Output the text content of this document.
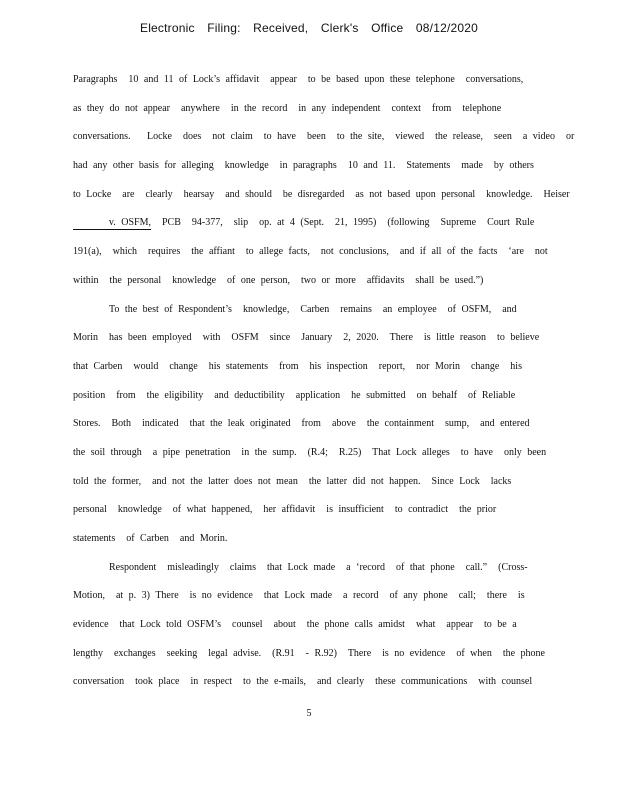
Electronic Filing: Received, Clerk's Office 08/12/2020
Paragraphs  10 and 11 of Lock’s affidavit  appear  to be based upon these telephone  conversations,
as they do not appear  anywhere  in the record  in any independent  context  from  telephone
conversations.   Locke  does  not claim  to have  been  to the site,  viewed  the release,  seen  a video  or
had any other basis for alleging  knowledge  in paragraphs  10 and 11.  Statements  made  by others
to Locke  are  clearly  hearsay  and should  be disregarded  as not based upon personal  knowledge.  Heiser
v. OSFM, PCB  94-377,  slip  op. at 4 (Sept.  21, 1995)  (following  Supreme  Court Rule
191(a),  which  requires  the affiant  to allege facts,  not conclusions,  and if all of the facts  ‘are  not
within  the personal  knowledge  of one person,  two or more  affidavits  shall be used.”)
To the best of Respondent’s  knowledge,  Carben  remains  an employee  of OSFM,  and
Morin  has been employed  with  OSFM  since  January  2, 2020.  There  is little reason  to believe
that Carben  would  change  his statements  from  his inspection  report,  nor Morin  change  his
position  from  the eligibility  and deductibility  application  he submitted  on behalf  of Reliable
Stores.  Both  indicated  that the leak originated  from  above  the containment  sump,  and entered
the soil through  a pipe penetration  in the sump.  (R.4;  R.25)  That Lock alleges  to have  only been
told the former,  and not the latter does not mean  the latter did not happen.  Since Lock  lacks
personal  knowledge  of what happened,  her affidavit  is insufficient  to contradict  the prior
statements  of Carben  and Morin.
Respondent  misleadingly  claims  that Lock made  a ‘record  of that phone  call.”  (Cross-
Motion,  at p. 3) There  is no evidence  that Lock made  a record  of any phone  call;  there  is
evidence  that Lock told OSFM’s  counsel  about  the phone calls amidst  what  appear  to be a
lengthy  exchanges  seeking  legal advise.  (R.91  - R.92)  There  is no evidence  of when  the phone
conversation  took place  in respect  to the e-mails,  and clearly  these communications  with counsel
5
